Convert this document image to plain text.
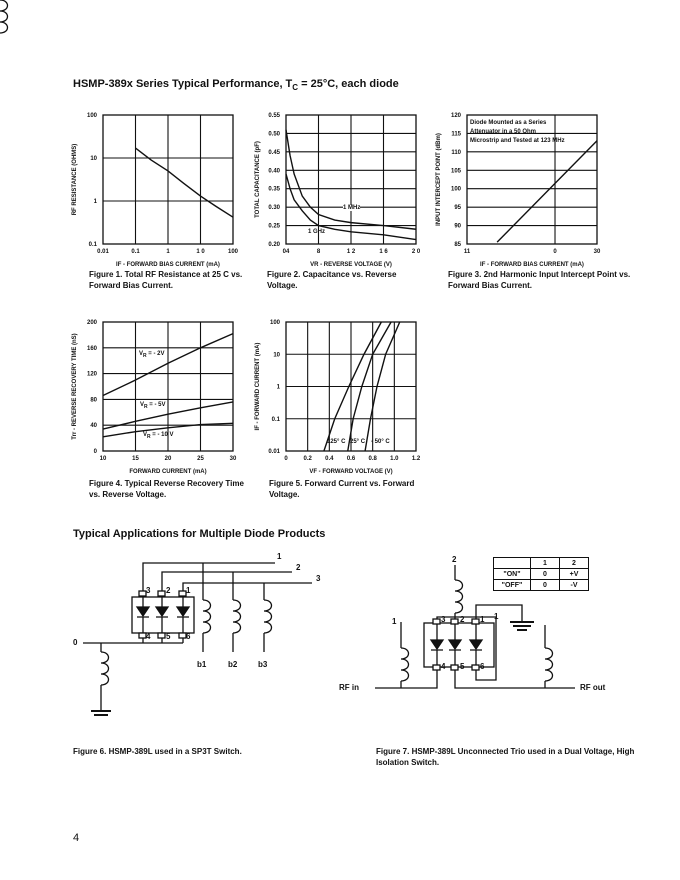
HSMP-389x Series Typical Performance, $T_C = 25^\circ C$, each diode
0.01	0.1	1	1 0	100
0.1
1
10
100
IF - FORWARD BIAS CURRENT (mA)
RF RESISTANCE (OHMS)
04	8	1 2	1 6	2 0
0.20
0.25
0.30
0.35
0.40
0.45
0.50
0.55
VR - REVERSE VOLTAGE (V)
TOTAL CAPACITANCE (pF)
11	0	30
85
90
95
100
105
110
115
120
IF - FORWARD BIAS CURRENT (mA)
INPUT INTERCEPT POINT (dBm)
10	15	20	25	30
0
40
80
120
160
200
FORWARD CURRENT (mA)
Trr - REVERSE RECOVERY TIME (nS)
0	0.2 0.4 0.6 0.8 1.0 1.2
0.01
0.1
1
10
100
VF - FORWARD VOLTAGE (V)
IF - FORWARD CURRENT (mA)
Figure 1. Total RF Resistance at 25 C vs. Forward Bias Current.
Figure 2. Capacitance vs. Reverse Voltage.
Figure 3. 2nd Harmonic Input Intercept Point vs. Forward Bias Current.
Figure 4. Typical Reverse Recovery Time vs. Reverse Voltage.
Figure 5. Forward Current vs. Forward Voltage.
Diode Mounted as a Series Attenuator in a 50 Ohm Microstrip and Tested at 123 MHz
$V_R$ = - 2V
$V_R$ = - 5V
$V_R$ = - 10 V
1 MHz
1 GHz
125° C 25° C - 50° C
Typical Applications for Multiple Diode Products
1
2
3
0
3 2 1
4 5 6
b1	b2	b3
2
1
1
3 2 1
4 5 6
RF in	RF out
	1	2
"ON"	0	+V
"OFF"	0	-V
Figure 6. HSMP-389L used in a SP3T Switch.	Figure 7. HSMP-389L Unconnected Trio used in a Dual Voltage, High Isolation Switch.
4
